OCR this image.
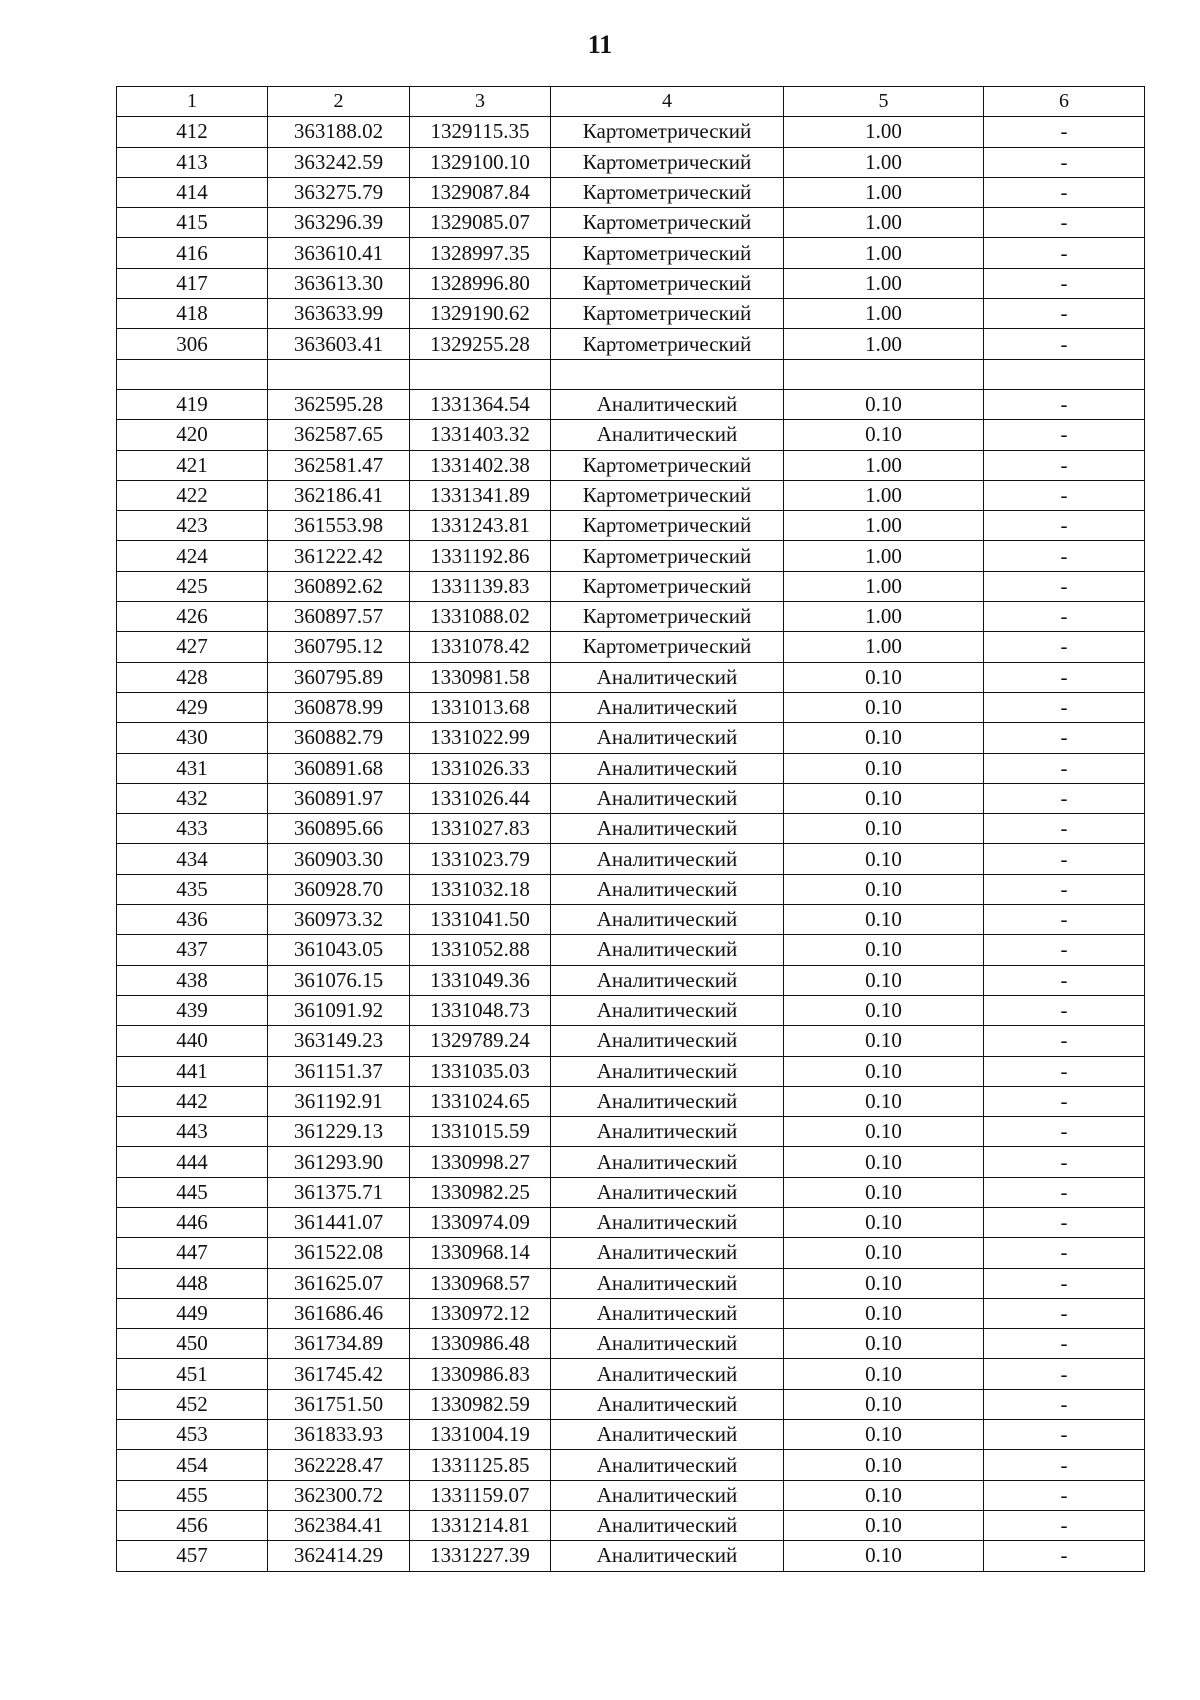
11
1	2	3	4	5	6
412	363188.02	1329115.35	Картометрический	1.00	-
413	363242.59	1329100.10	Картометрический	1.00	-
414	363275.79	1329087.84	Картометрический	1.00	-
415	363296.39	1329085.07	Картометрический	1.00	-
416	363610.41	1328997.35	Картометрический	1.00	-
417	363613.30	1328996.80	Картометрический	1.00	-
418	363633.99	1329190.62	Картометрический	1.00	-
306	363603.41	1329255.28	Картометрический	1.00	-

419	362595.28	1331364.54	Аналитический	0.10	-
420	362587.65	1331403.32	Аналитический	0.10	-
421	362581.47	1331402.38	Картометрический	1.00	-
422	362186.41	1331341.89	Картометрический	1.00	-
423	361553.98	1331243.81	Картометрический	1.00	-
424	361222.42	1331192.86	Картометрический	1.00	-
425	360892.62	1331139.83	Картометрический	1.00	-
426	360897.57	1331088.02	Картометрический	1.00	-
427	360795.12	1331078.42	Картометрический	1.00	-
428	360795.89	1330981.58	Аналитический	0.10	-
429	360878.99	1331013.68	Аналитический	0.10	-
430	360882.79	1331022.99	Аналитический	0.10	-
431	360891.68	1331026.33	Аналитический	0.10	-
432	360891.97	1331026.44	Аналитический	0.10	-
433	360895.66	1331027.83	Аналитический	0.10	-
434	360903.30	1331023.79	Аналитический	0.10	-
435	360928.70	1331032.18	Аналитический	0.10	-
436	360973.32	1331041.50	Аналитический	0.10	-
437	361043.05	1331052.88	Аналитический	0.10	-
438	361076.15	1331049.36	Аналитический	0.10	-
439	361091.92	1331048.73	Аналитический	0.10	-
440	363149.23	1329789.24	Аналитический	0.10	-
441	361151.37	1331035.03	Аналитический	0.10	-
442	361192.91	1331024.65	Аналитический	0.10	-
443	361229.13	1331015.59	Аналитический	0.10	-
444	361293.90	1330998.27	Аналитический	0.10	-
445	361375.71	1330982.25	Аналитический	0.10	-
446	361441.07	1330974.09	Аналитический	0.10	-
447	361522.08	1330968.14	Аналитический	0.10	-
448	361625.07	1330968.57	Аналитический	0.10	-
449	361686.46	1330972.12	Аналитический	0.10	-
450	361734.89	1330986.48	Аналитический	0.10	-
451	361745.42	1330986.83	Аналитический	0.10	-
452	361751.50	1330982.59	Аналитический	0.10	-
453	361833.93	1331004.19	Аналитический	0.10	-
454	362228.47	1331125.85	Аналитический	0.10	-
455	362300.72	1331159.07	Аналитический	0.10	-
456	362384.41	1331214.81	Аналитический	0.10	-
457	362414.29	1331227.39	Аналитический	0.10	-
